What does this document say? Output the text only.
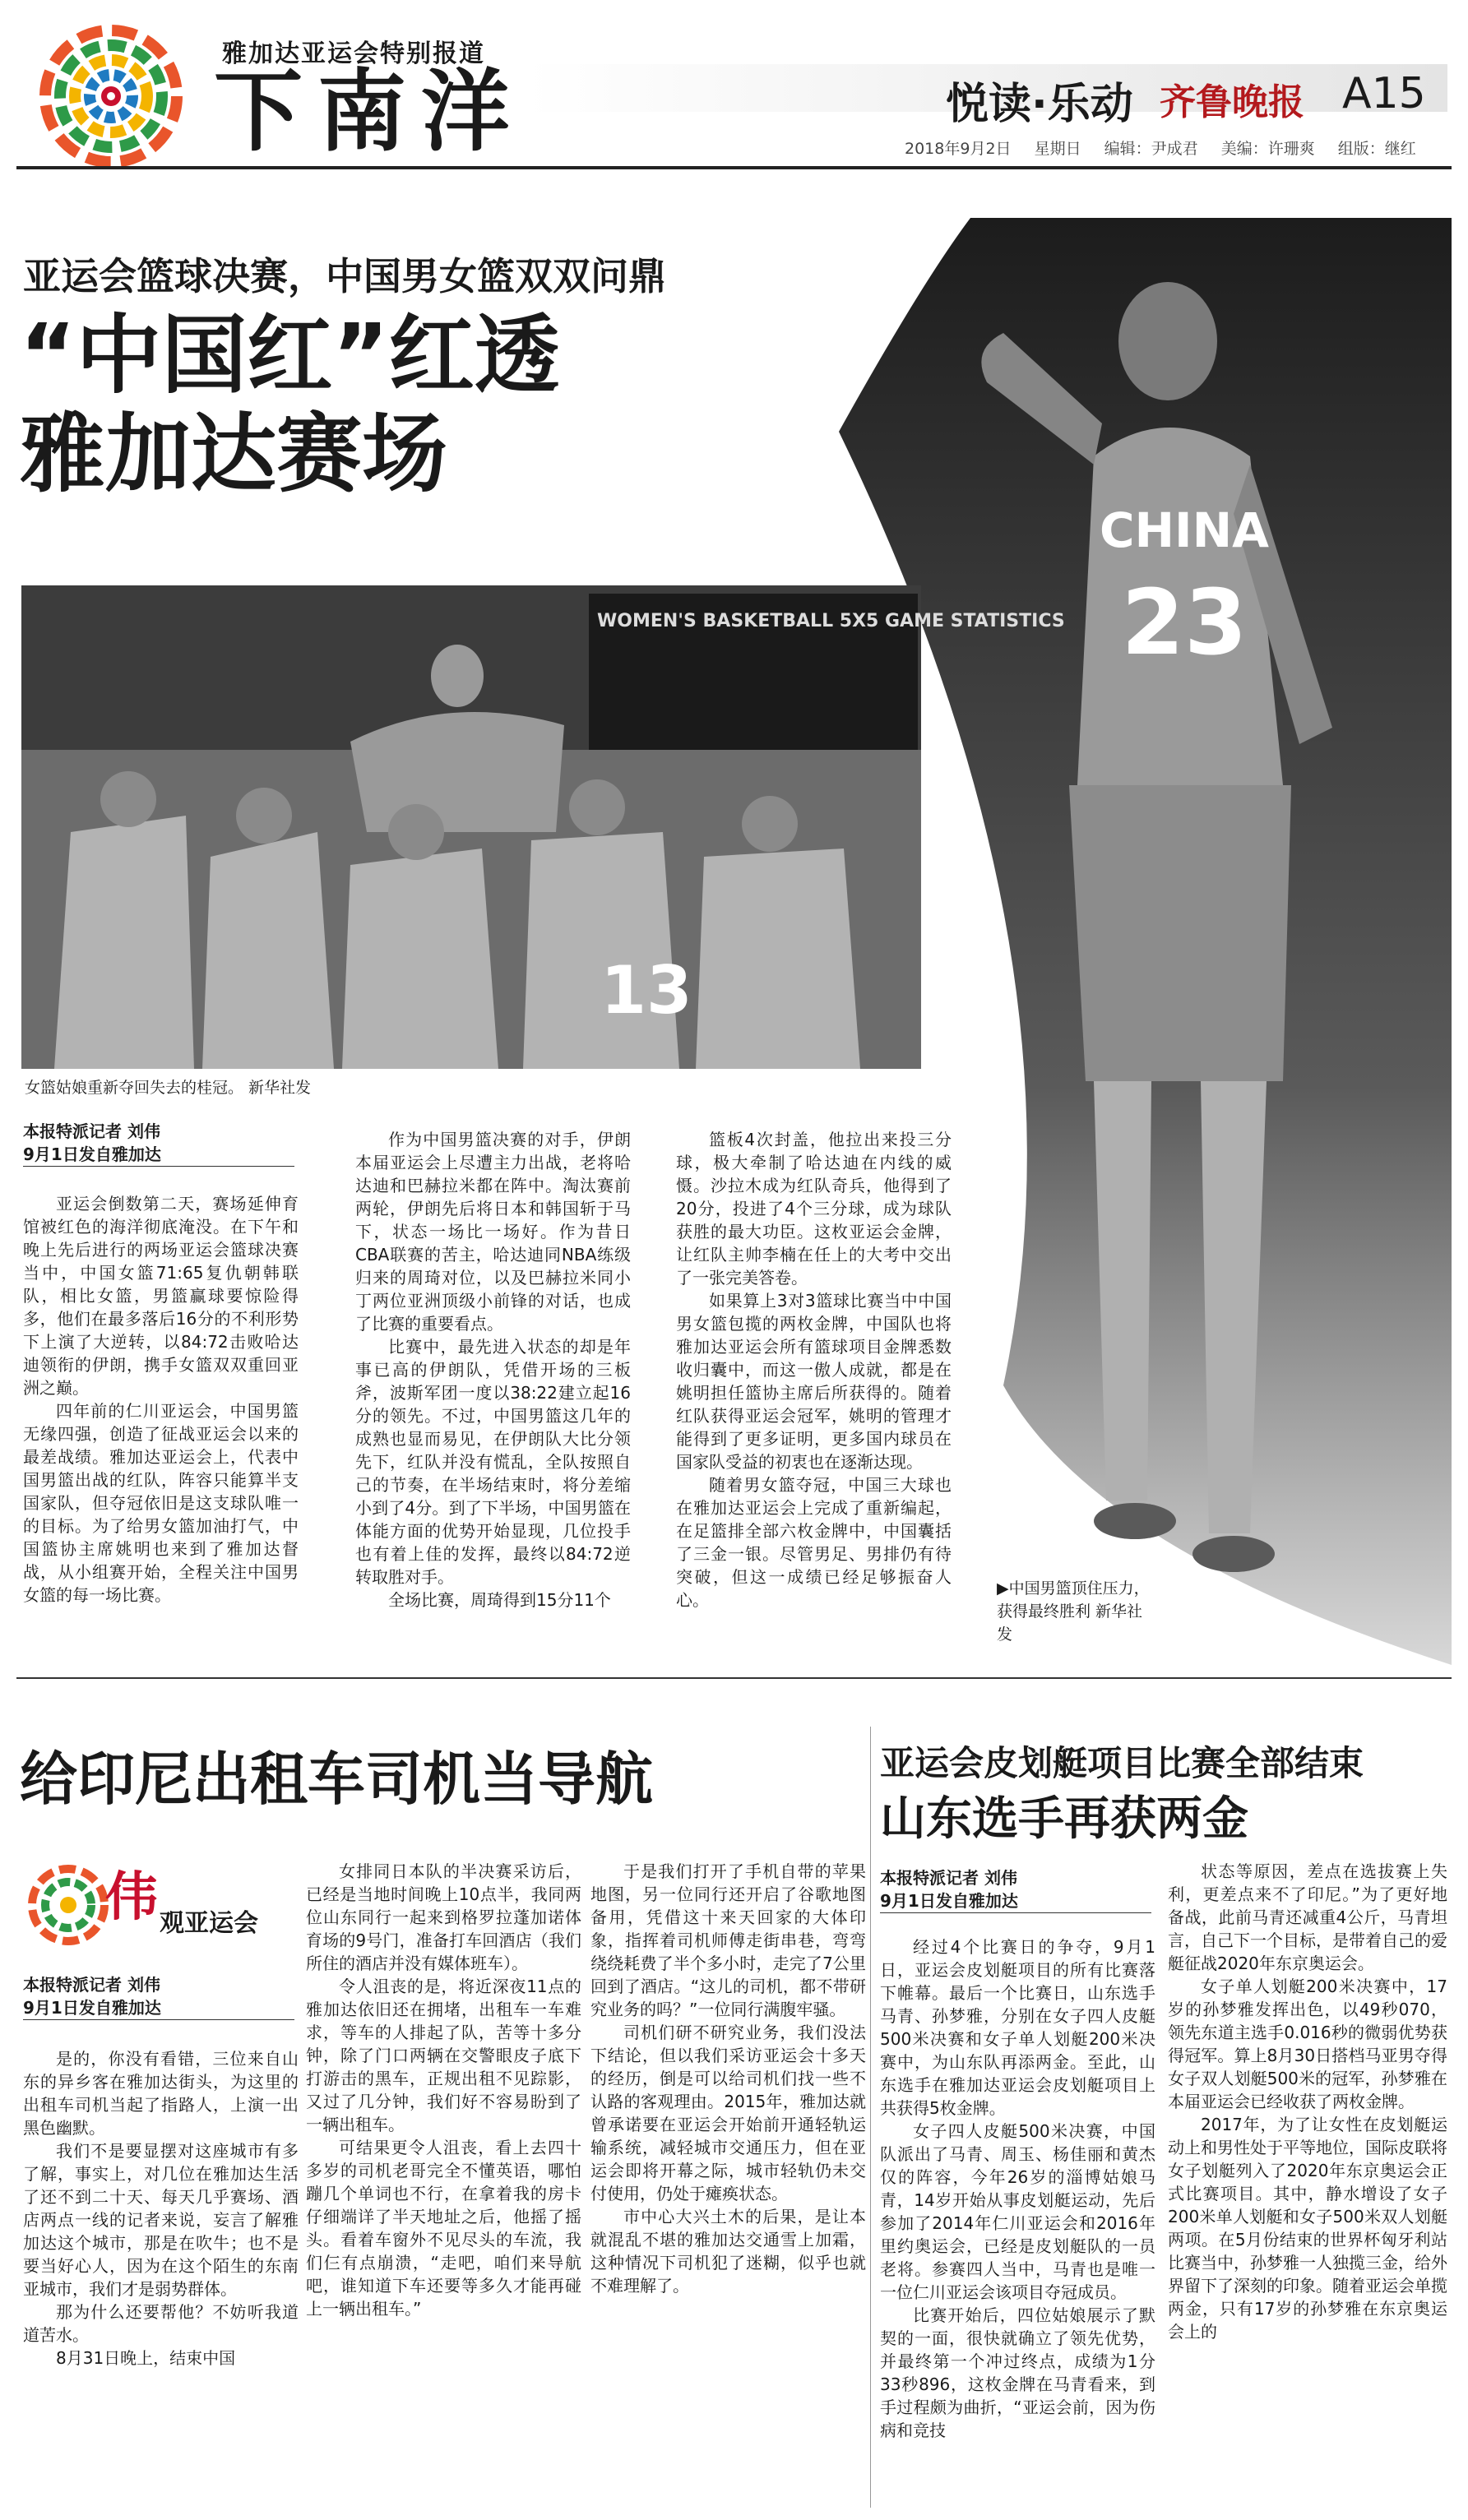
雅加达亚运会特别报道
下南洋	悦读·乐动 齐鲁晚报 A15
2018年9月2日 星期日 编辑：尹成君 美编：许珊爽 组版：继红
亚运会篮球决赛，中国男女篮双双问鼎
“中国红”红透
雅加达赛场
CHINA
23
WOMEN'S BASKETBALL 5X5 GAME STATISTICS
13
女篮姑娘重新夺回失去的桂冠。 新华社发
▶中国男篮顶住压力，获得最终胜利 新华社发
本报特派记者 刘伟
9月1日发自雅加达

亚运会倒数第二天，赛场延伸育馆被红色的海洋彻底淹没。在下午和晚上先后进行的两场亚运会篮球决赛当中，中国女篮71:65复仇朝韩联队，相比女篮，男篮赢球要惊险得多，他们在最多落后16分的不利形势下上演了大逆转，以84:72击败哈达迪领衔的伊朗，携手女篮双双重回亚洲之巅。

四年前的仁川亚运会，中国男篮无缘四强，创造了征战亚运会以来的最差战绩。雅加达亚运会上，代表中国男篮出战的红队，阵容只能算半支国家队，但夺冠依旧是这支球队唯一的目标。为了给男女篮加油打气，中国篮协主席姚明也来到了雅加达督战，从小组赛开始，全程关注中国男女篮的每一场比赛。

作为中国男篮决赛的对手，伊朗本届亚运会上尽遭主力出战，老将哈达迪和巴赫拉米都在阵中。淘汰赛前两轮，伊朗先后将日本和韩国斩于马下，状态一场比一场好。作为昔日CBA联赛的苦主，哈达迪同NBA练级归来的周琦对位，以及巴赫拉米同小丁两位亚洲顶级小前锋的对话，也成了比赛的重要看点。

比赛中，最先进入状态的却是年事已高的伊朗队，凭借开场的三板斧，波斯军团一度以38:22建立起16分的领先。不过，中国男篮这几年的成熟也显而易见，在伊朗队大比分领先下，红队并没有慌乱，全队按照自己的节奏，在半场结束时，将分差缩小到了4分。到了下半场，中国男篮在体能方面的优势开始显现，几位投手也有着上佳的发挥，最终以84:72逆转取胜对手。

全场比赛，周琦得到15分11个

篮板4次封盖，他拉出来投三分球，极大牵制了哈达迪在内线的威慑。沙拉木成为红队奇兵，他得到了20分，投进了4个三分球，成为球队获胜的最大功臣。这枚亚运会金牌，让红队主帅李楠在任上的大考中交出了一张完美答卷。

如果算上3对3篮球比赛当中中国男女篮包揽的两枚金牌，中国队也将雅加达亚运会所有篮球项目金牌悉数收归囊中，而这一傲人成就，都是在姚明担任篮协主席后所获得的。随着红队获得亚运会冠军，姚明的管理才能得到了更多证明，更多国内球员在国家队受益的初衷也在逐渐达现。

随着男女篮夺冠，中国三大球也在雅加达亚运会上完成了重新编起，在足篮排全部六枚金牌中，中国囊括了三金一银。尽管男足、男排仍有待突破，但这一成绩已经足够振奋人心。

给印尼出租车司机当导航
伟 观亚运会
本报特派记者 刘伟
9月1日发自雅加达

是的，你没有看错，三位来自山东的异乡客在雅加达街头，为这里的出租车司机当起了指路人，上演一出黑色幽默。

我们不是要显摆对这座城市有多了解，事实上，对几位在雅加达生活了还不到二十天、每天几乎赛场、酒店两点一线的记者来说，妄言了解雅加达这个城市，那是在吹牛；也不是要当好心人，因为在这个陌生的东南亚城市，我们才是弱势群体。

那为什么还要帮他？不妨听我道道苦水。

8月31日晚上，结束中国

女排同日本队的半决赛采访后，已经是当地时间晚上10点半，我同两位山东同行一起来到格罗拉蓬加诺体育场的9号门，准备打车回酒店（我们所住的酒店并没有媒体班车）。

令人沮丧的是，将近深夜11点的雅加达依旧还在拥堵，出租车一车难求，等车的人排起了队，苦等十多分钟，除了门口两辆在交警眼皮子底下打游击的黑车，正规出租不见踪影，又过了几分钟，我们好不容易盼到了一辆出租车。

可结果更令人沮丧，看上去四十多岁的司机老哥完全不懂英语，哪怕蹦几个单词也不行，在拿着我的房卡仔细端详了半天地址之后，他摇了摇头。看着车窗外不见尽头的车流，我们仨有点崩溃，“走吧，咱们来导航吧，谁知道下车还要等多久才能再碰上一辆出租车。”

于是我们打开了手机自带的苹果地图，另一位同行还开启了谷歌地图备用，凭借这十来天回家的大体印象，指挥着司机师傅走街串巷，弯弯绕绕耗费了半个多小时，走完了7公里回到了酒店。“这儿的司机，都不带研究业务的吗？”一位同行满腹牢骚。

司机们研不研究业务，我们没法下结论，但以我们采访亚运会十多天的经历，倒是可以给司机们找一些不认路的客观理由。2015年，雅加达就曾承诺要在亚运会开始前开通轻轨运输系统，减轻城市交通压力，但在亚运会即将开幕之际，城市轻轨仍未交付使用，仍处于瘫痪状态。

市中心大兴土木的后果，是让本就混乱不堪的雅加达交通雪上加霜，这种情况下司机犯了迷糊，似乎也就不难理解了。

亚运会皮划艇项目比赛全部结束
山东选手再获两金
本报特派记者 刘伟
9月1日发自雅加达

经过4个比赛日的争夺，9月1日，亚运会皮划艇项目的所有比赛落下帷幕。最后一个比赛日，山东选手马青、孙梦雅，分别在女子四人皮艇500米决赛和女子单人划艇200米决赛中，为山东队再添两金。至此，山东选手在雅加达亚运会皮划艇项目上共获得5枚金牌。

女子四人皮艇500米决赛，中国队派出了马青、周玉、杨佳丽和黄杰仅的阵容，今年26岁的淄博姑娘马青，14岁开始从事皮划艇运动，先后参加了2014年仁川亚运会和2016年里约奥运会，已经是皮划艇队的一员老将。参赛四人当中，马青也是唯一一位仁川亚运会该项目夺冠成员。

比赛开始后，四位姑娘展示了默契的一面，很快就确立了领先优势，并最终第一个冲过终点，成绩为1分33秒896，这枚金牌在马青看来，到手过程颇为曲折，“亚运会前，因为伤病和竞技

状态等原因，差点在选拔赛上失利，更差点来不了印尼。”为了更好地备战，此前马青还减重4公斤，马青坦言，自己下一个目标，是带着自己的爱艇征战2020年东京奥运会。

女子单人划艇200米决赛中，17岁的孙梦雅发挥出色，以49秒070，领先东道主选手0.016秒的微弱优势获得冠军。算上8月30日搭档马亚男夺得女子双人划艇500米的冠军，孙梦雅在本届亚运会已经收获了两枚金牌。

2017年，为了让女性在皮划艇运动上和男性处于平等地位，国际皮联将女子划艇列入了2020年东京奥运会正式比赛项目。其中，静水增设了女子200米单人划艇和女子500米双人划艇两项。在5月份结束的世界杯匈牙利站比赛当中，孙梦雅一人独揽三金，给外界留下了深刻的印象。随着亚运会单揽两金，只有17岁的孙梦雅在东京奥运会上的
